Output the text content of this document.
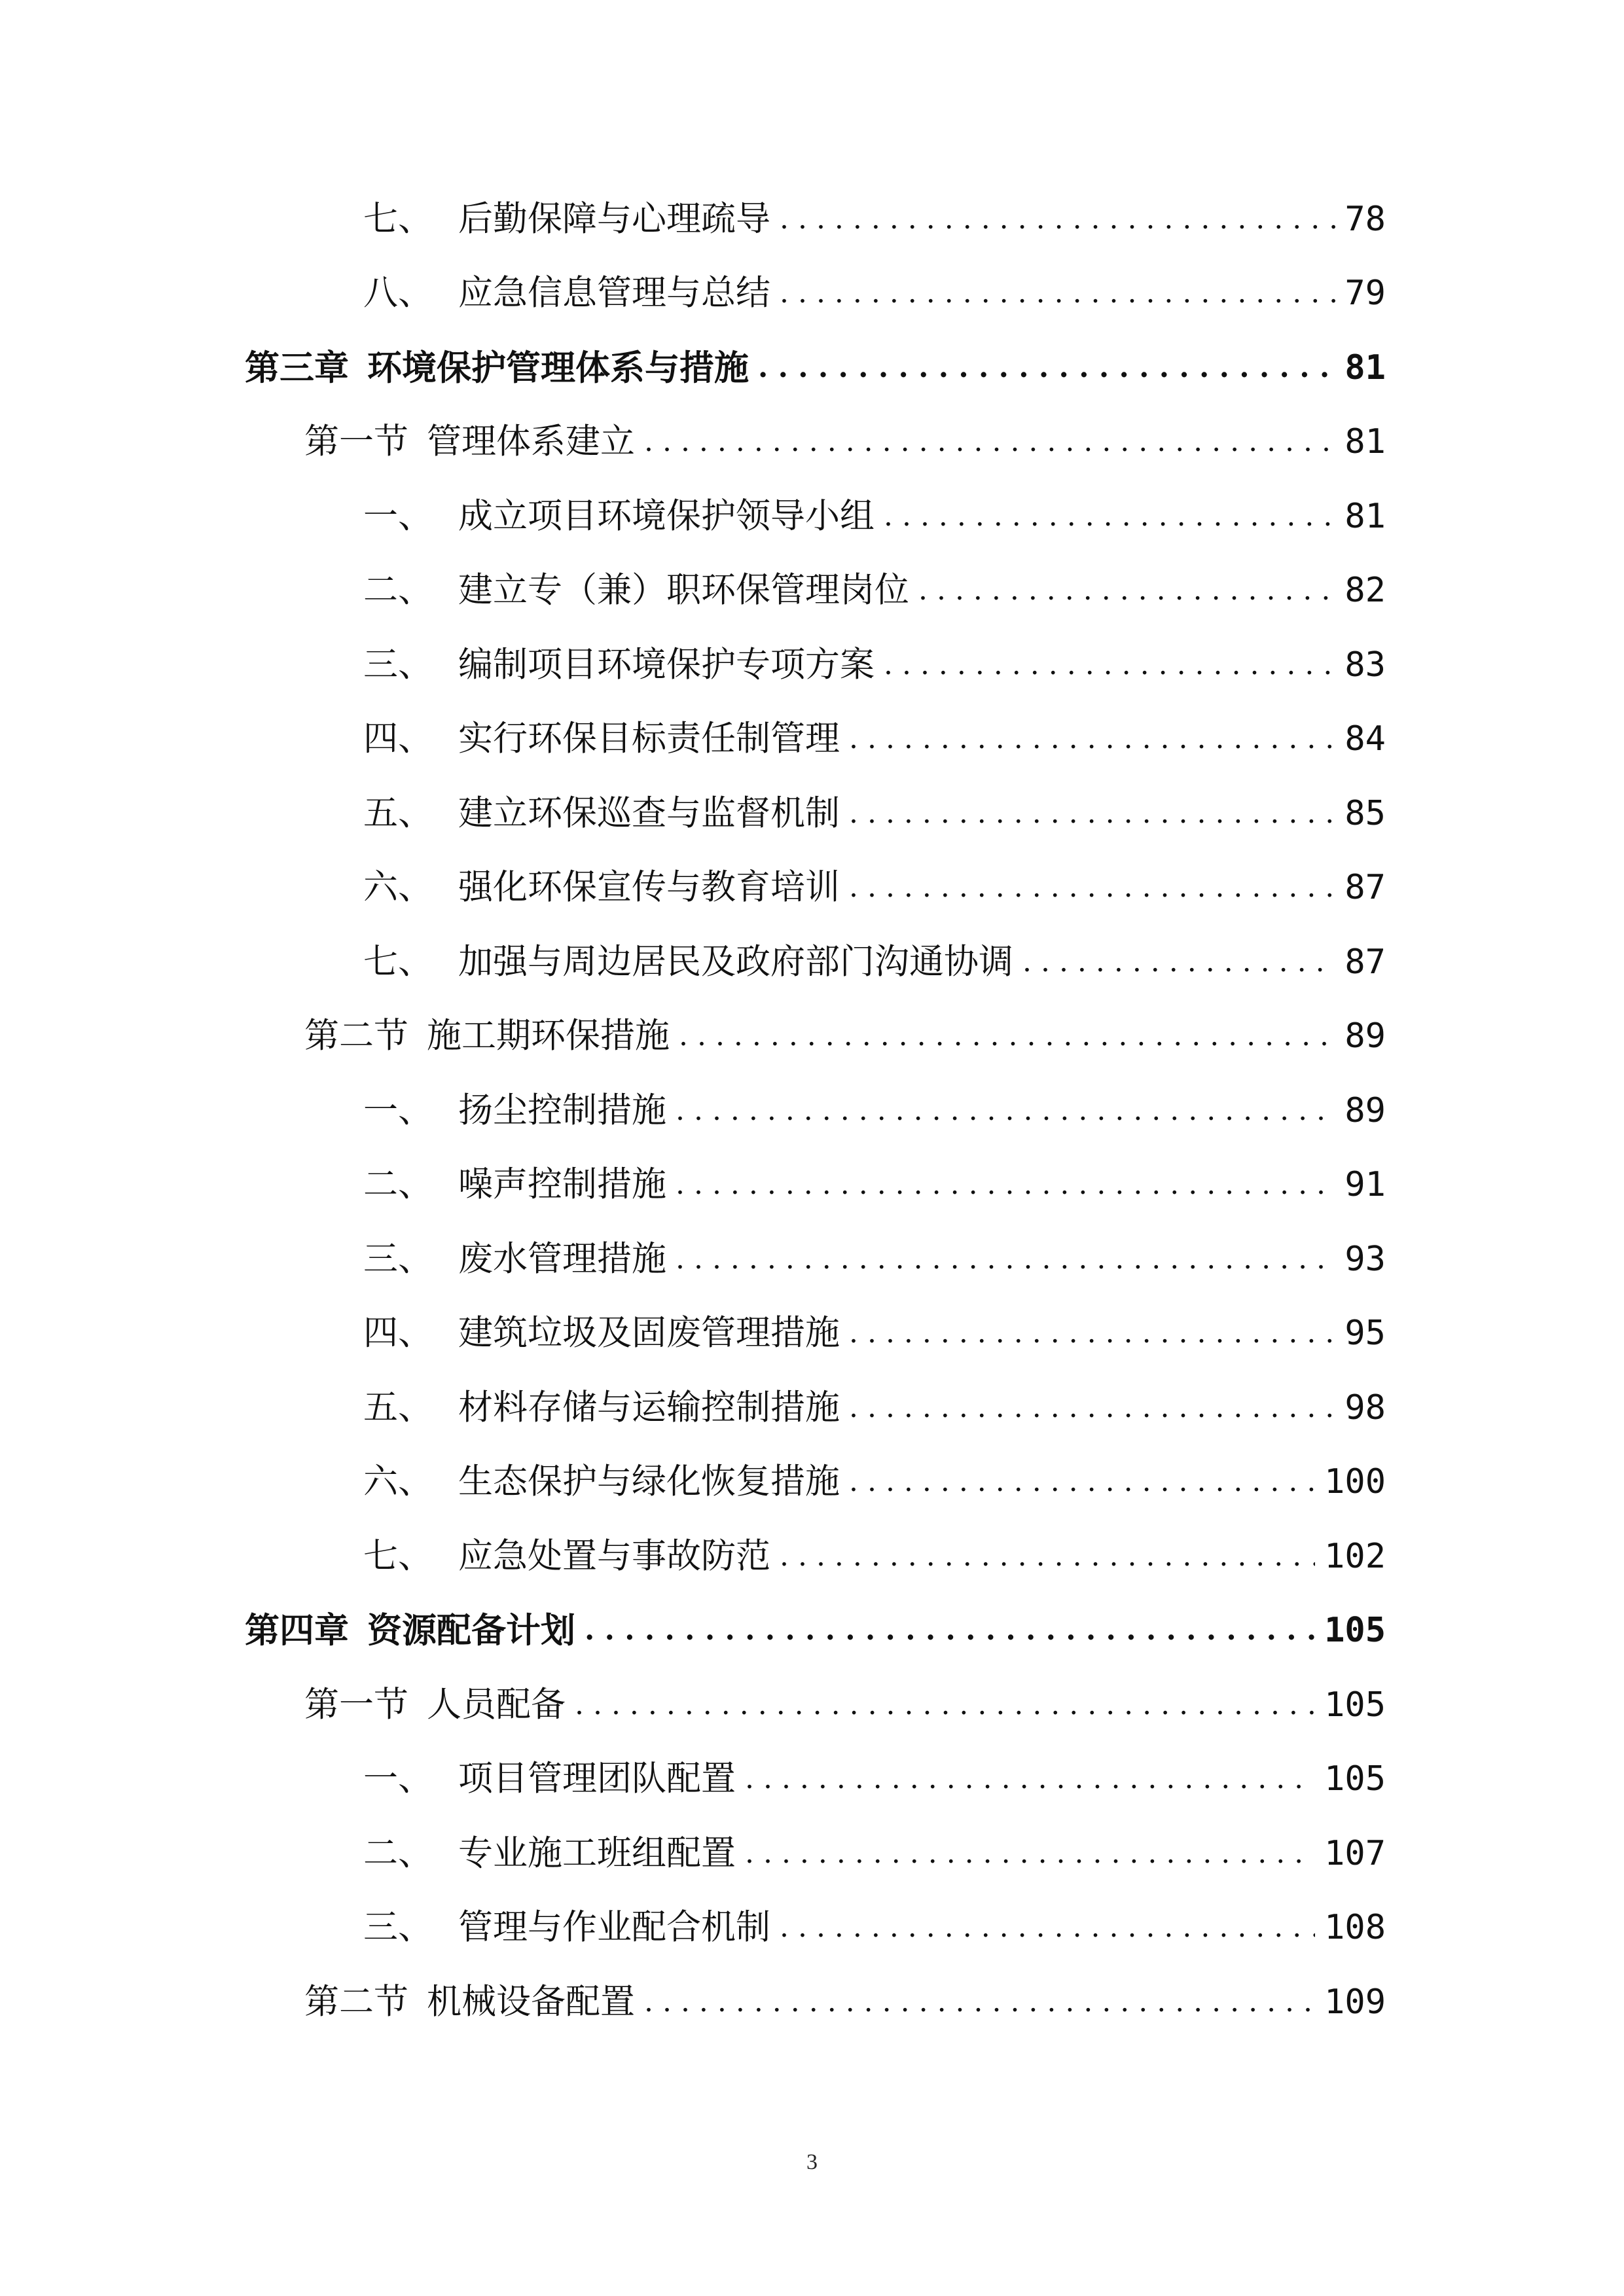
七、 后勤保障与心理疏导 . . .	78
八、 应急信息管理与总结 . . .	79
第三章 环境保护管理体系与措施 . . .	81
第一节 管理体系建立 . . .	81
一、 成立项目环境保护领导小组 . . .	81
二、 建立专（兼）职环保管理岗位 . . .	82
三、 编制项目环境保护专项方案 . . .	83
四、 实行环保目标责任制管理 . . .	84
五、 建立环保巡查与监督机制 . . .	85
六、 强化环保宣传与教育培训 . . .	87
七、 加强与周边居民及政府部门沟通协调 . . .	87
第二节 施工期环保措施 . . .	89
一、 扬尘控制措施 . . .	89
二、 噪声控制措施 . . .	91
三、 废水管理措施 . . .	93
四、 建筑垃圾及固废管理措施 . . .	95
五、 材料存储与运输控制措施 . . .	98
六、 生态保护与绿化恢复措施 . . .	100
七、 应急处置与事故防范 . . .	102
第四章 资源配备计划 . . .	105
第一节 人员配备 . . .	105
一、 项目管理团队配置 . . .	105
二、 专业施工班组配置 . . .	107
三、 管理与作业配合机制 . . .	108
第二节 机械设备配置 . . .	109
3
